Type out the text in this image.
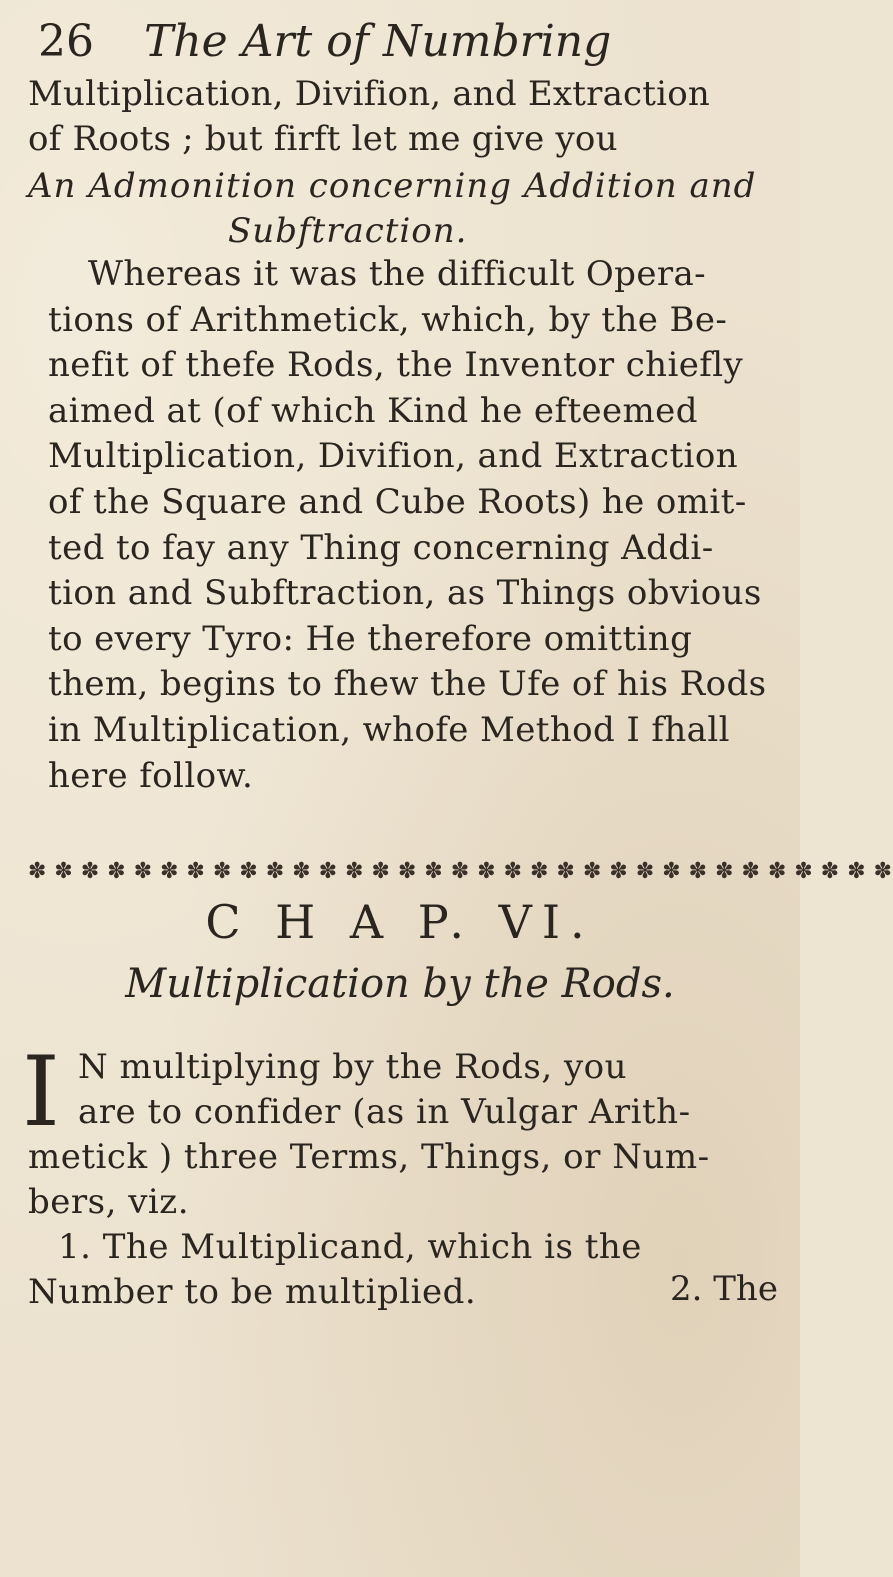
26 The Art of Numbring
Multiplication, Divifion, and Extraction
of Roots ; but firft let me give you
An Admonition concerning Addition and
Subftraction.
Whereas it was the difficult Opera-
tions of Arithmetick, which, by the Be-
nefit of thefe Rods, the Inventor chiefly
aimed at (of which Kind he efteemed
Multiplication, Divifion, and Extraction
of the Square and Cube Roots) he omit-
ted to fay any Thing concerning Addi-
tion and Subftraction, as Things obvious
to every Tyro: He therefore omitting
them, begins to fhew the Ufe of his Rods
in Multiplication, whofe Method I fhall
here follow.
✽ ✽ ✽ ✽ ✽ ✽ ✽ ✽ ✽ ✽ ✽ ✽ ✽ ✽ ✽ ✽ ✽ ✽ ✽ ✽ ✽ ✽ ✽ ✽ ✽ ✽ ✽ ✽ ✽ ✽ ✽ ✽ ✽
C H A P. VI.
Multiplication by the Rods.
I N multiplying by the Rods, you
are to confider (as in Vulgar Arith-
metick ) three Terms, Things, or Num-
bers, viz.
1. The Multiplicand, which is the
Number to be multiplied.	2. The
